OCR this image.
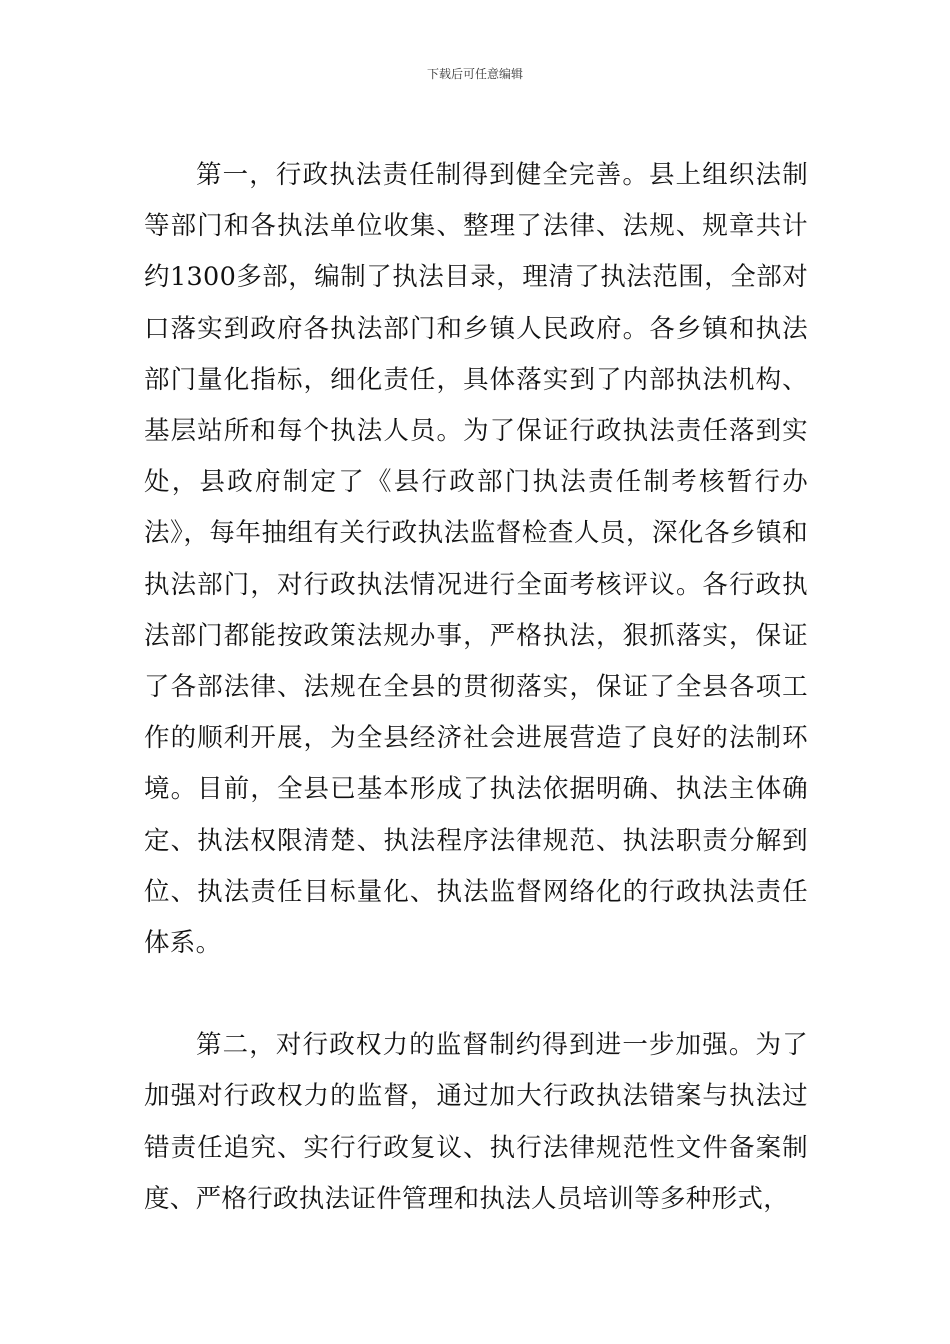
下载后可任意编辑

第一，行政执法责任制得到健全完善。县上组织法制等部门和各执法单位收集、整理了法律、法规、规章共计约1300多部，编制了执法目录，理清了执法范围，全部对口落实到政府各执法部门和乡镇人民政府。各乡镇和执法部门量化指标，细化责任，具体落实到了内部执法机构、基层站所和每个执法人员。为了保证行政执法责任落到实处，县政府制定了《县行政部门执法责任制考核暂行办法》，每年抽组有关行政执法监督检查人员，深化各乡镇和执法部门，对行政执法情况进行全面考核评议。各行政执法部门都能按政策法规办事，严格执法，狠抓落实，保证了各部法律、法规在全县的贯彻落实，保证了全县各项工作的顺利开展，为全县经济社会进展营造了良好的法制环境。目前，全县已基本形成了执法依据明确、执法主体确定、执法权限清楚、执法程序法律规范、执法职责分解到位、执法责任目标量化、执法监督网络化的行政执法责任体系。

第二，对行政权力的监督制约得到进一步加强。为了加强对行政权力的监督，通过加大行政执法错案与执法过错责任追究、实行行政复议、执行法律规范性文件备案制度、严格行政执法证件管理和执法人员培训等多种形式，
